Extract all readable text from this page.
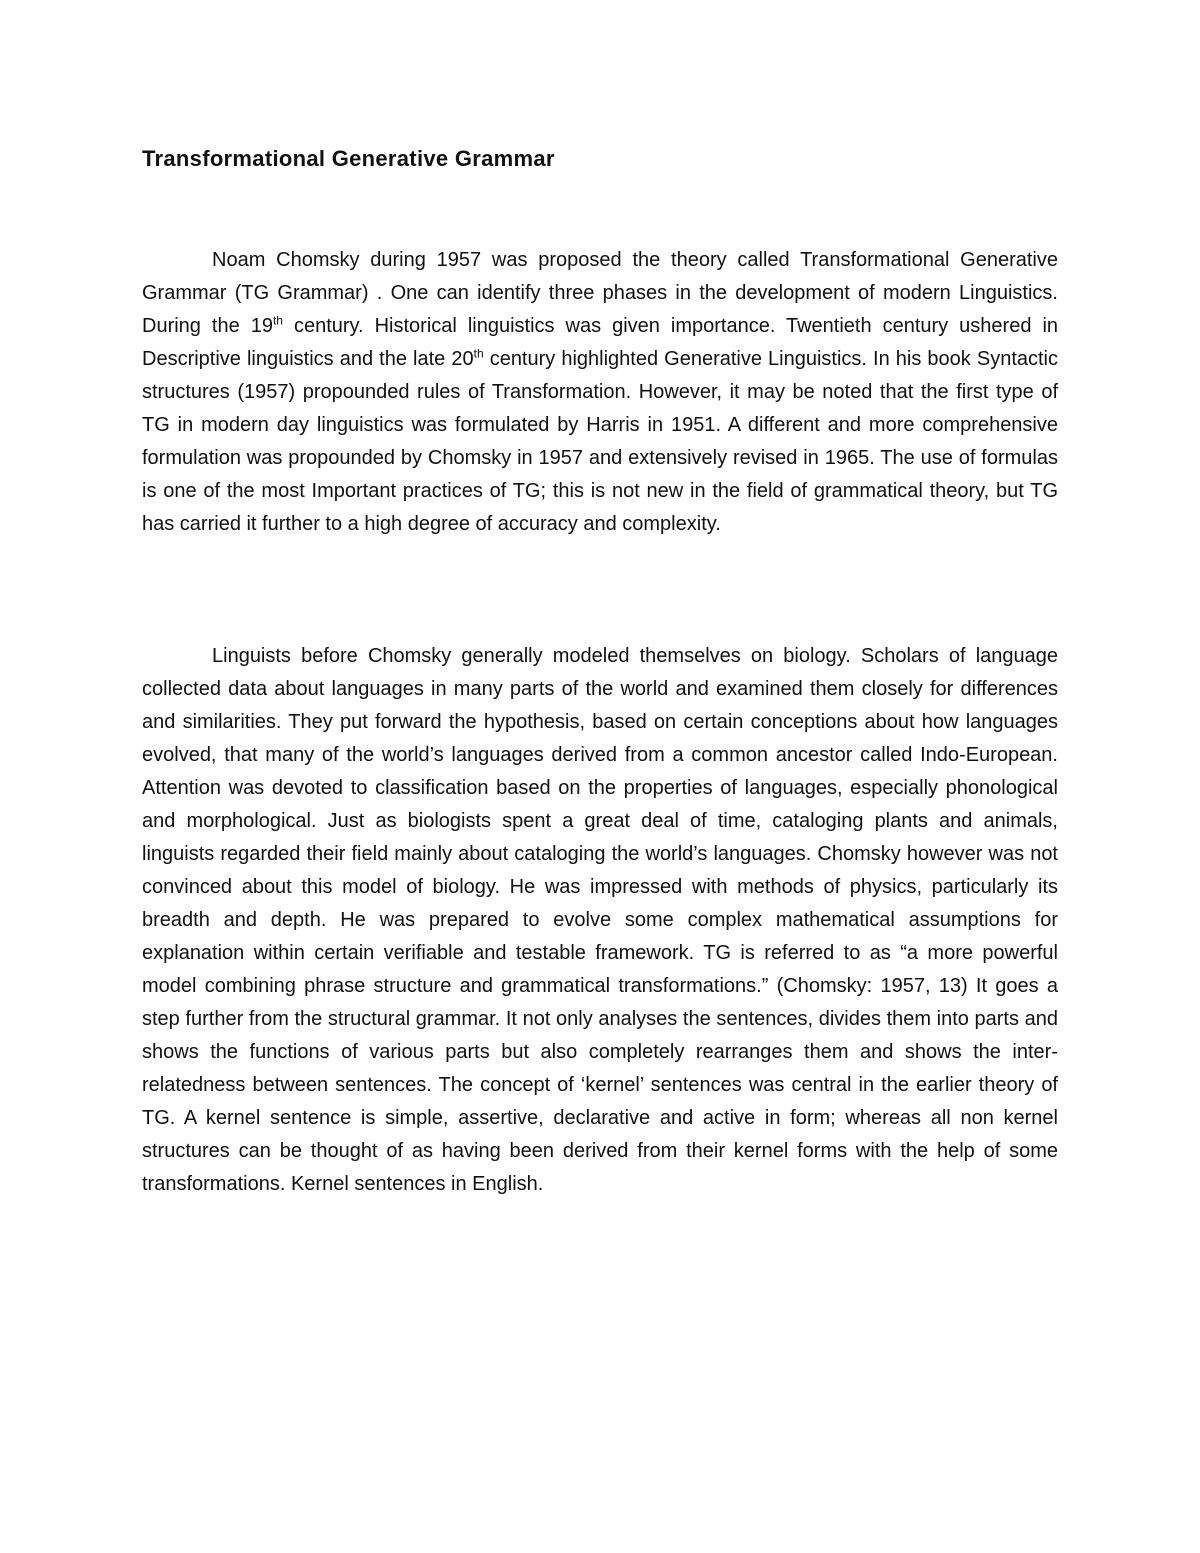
Transformational Generative Grammar

Noam Chomsky during 1957 was proposed the theory called Transformational Generative Grammar (TG Grammar) . One can identify three phases in the development of modern Linguistics. During the 19th century. Historical linguistics was given importance. Twentieth century ushered in Descriptive linguistics and the late 20th century highlighted Generative Linguistics. In his book Syntactic structures (1957) propounded rules of Transformation. However, it may be noted that the first type of TG in modern day linguistics was formulated by Harris in 1951. A different and more comprehensive formulation was propounded by Chomsky in 1957 and extensively revised in 1965. The use of formulas is one of the most Important practices of TG; this is not new in the field of grammatical theory, but TG has carried it further to a high degree of accuracy and complexity.

Linguists before Chomsky generally modeled themselves on biology. Scholars of language collected data about languages in many parts of the world and examined them closely for differences and similarities. They put forward the hypothesis, based on certain conceptions about how languages evolved, that many of the world’s languages derived from a common ancestor called Indo-European. Attention was devoted to classification based on the properties of languages, especially phonological and morphological. Just as biologists spent a great deal of time, cataloging plants and animals, linguists regarded their field mainly about cataloging the world’s languages. Chomsky however was not convinced about this model of biology. He was impressed with methods of physics, particularly its breadth and depth. He was prepared to evolve some complex mathematical assumptions for explanation within certain verifiable and testable framework. TG is referred to as “a more powerful model combining phrase structure and grammatical transformations.” (Chomsky: 1957, 13) It goes a step further from the structural grammar. It not only analyses the sentences, divides them into parts and shows the functions of various parts but also completely rearranges them and shows the inter-relatedness between sentences. The concept of ‘kernel’ sentences was central in the earlier theory of TG. A kernel sentence is simple, assertive, declarative and active in form; whereas all non kernel structures can be thought of as having been derived from their kernel forms with the help of some transformations. Kernel sentences in English.
